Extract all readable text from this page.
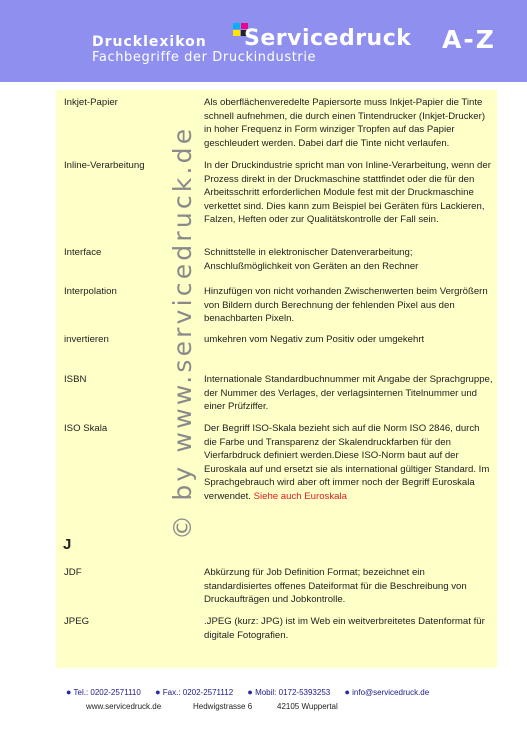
Drucklexikon
Fachbegriffe der Druckindustrie
Servicedruck A-Z
© by www.servicedruck.de
Inkjet-Papier	Als oberflächenveredelte Papiersorte muss Inkjet-Papier die Tinte schnell aufnehmen, die durch einen Tintendrucker (Inkjet-Drucker) in hoher Frequenz in Form winziger Tropfen auf das Papier geschleudert werden. Dabei darf die Tinte nicht verlaufen.
Inline-Verarbeitung	In der Druckindustrie spricht man von Inline-Verarbeitung, wenn der Prozess direkt in der Druckmaschine stattfindet oder die für den Arbeitsschritt erforderlichen Module fest mit der Druckmaschine verkettet sind. Dies kann zum Beispiel bei Geräten fürs Lackieren, Falzen, Heften oder zur Qualitätskontrolle der Fall sein.
Interface	Schnittstelle in elektronischer Datenverarbeitung; Anschlußmöglichkeit von Geräten an den Rechner
Interpolation	Hinzufügen von nicht vorhanden Zwischenwerten beim Vergrößern von Bildern durch Berechnung der fehlenden Pixel aus den benachbarten Pixeln.
invertieren	umkehren vom Negativ zum Positiv oder umgekehrt
ISBN	Internationale Standardbuchnummer mit Angabe der Sprachgruppe, der Nummer des Verlages, der verlagsinternen Titelnummer und einer Prüfziffer.
ISO Skala	Der Begriff ISO-Skala bezieht sich auf die Norm ISO 2846, durch die Farbe und Transparenz der Skalendruckfarben für den Vierfarbdruck definiert werden.Diese ISO-Norm baut auf der Euroskala auf und ersetzt sie als international gültiger Standard. Im Sprachgebrauch wird aber oft immer noch der Begriff Euroskala verwendet. Siehe auch Euroskala
J
JDF	Abkürzung für Job Definition Format; bezeichnet ein standardisiertes offenes Dateiformat für die Beschreibung von Druckaufträgen und Jobkontrolle.
JPEG	.JPEG (kurz: JPG) ist im Web ein weitverbreitetes Datenformat für digitale Fotografien.
● Tel.: 0202-2571110 ● Fax.: 0202-2571112 ● Mobil: 0172-5393253 ● info@servicedruck.de
www.servicedruck.de	Hedwigstrasse 6	42105 Wuppertal
